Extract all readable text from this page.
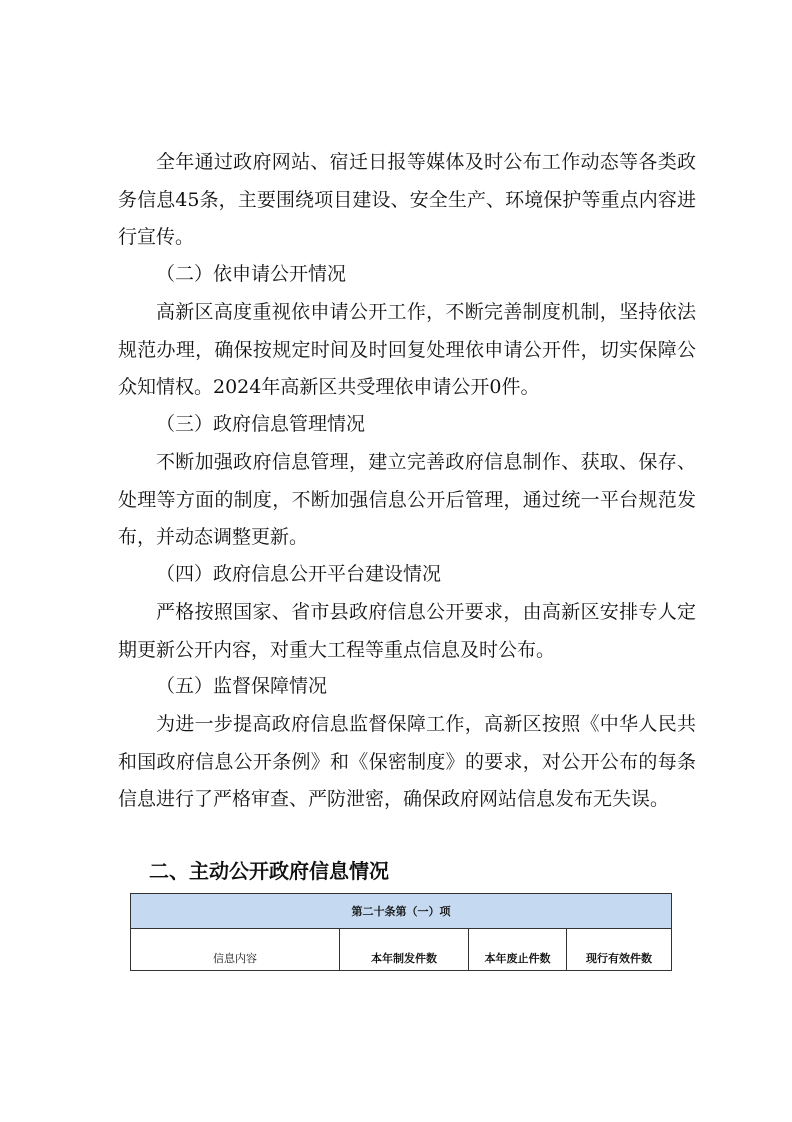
全年通过政府网站、宿迁日报等媒体及时公布工作动态等各类政务信息45条，主要围绕项目建设、安全生产、环境保护等重点内容进行宣传。

（二）依申请公开情况

高新区高度重视依申请公开工作，不断完善制度机制，坚持依法规范办理，确保按规定时间及时回复处理依申请公开件，切实保障公众知情权。2024年高新区共受理依申请公开0件。

（三）政府信息管理情况

不断加强政府信息管理，建立完善政府信息制作、获取、保存、处理等方面的制度，不断加强信息公开后管理，通过统一平台规范发布，并动态调整更新。

（四）政府信息公开平台建设情况

严格按照国家、省市县政府信息公开要求，由高新区安排专人定期更新公开内容，对重大工程等重点信息及时公布。

（五）监督保障情况

为进一步提高政府信息监督保障工作，高新区按照《中华人民共和国政府信息公开条例》和《保密制度》的要求，对公开公布的每条信息进行了严格审查、严防泄密，确保政府网站信息发布无失误。

二、主动公开政府信息情况
第二十条第（一）项
信息内容	本年制发件数	本年废止件数	现行有效件数
